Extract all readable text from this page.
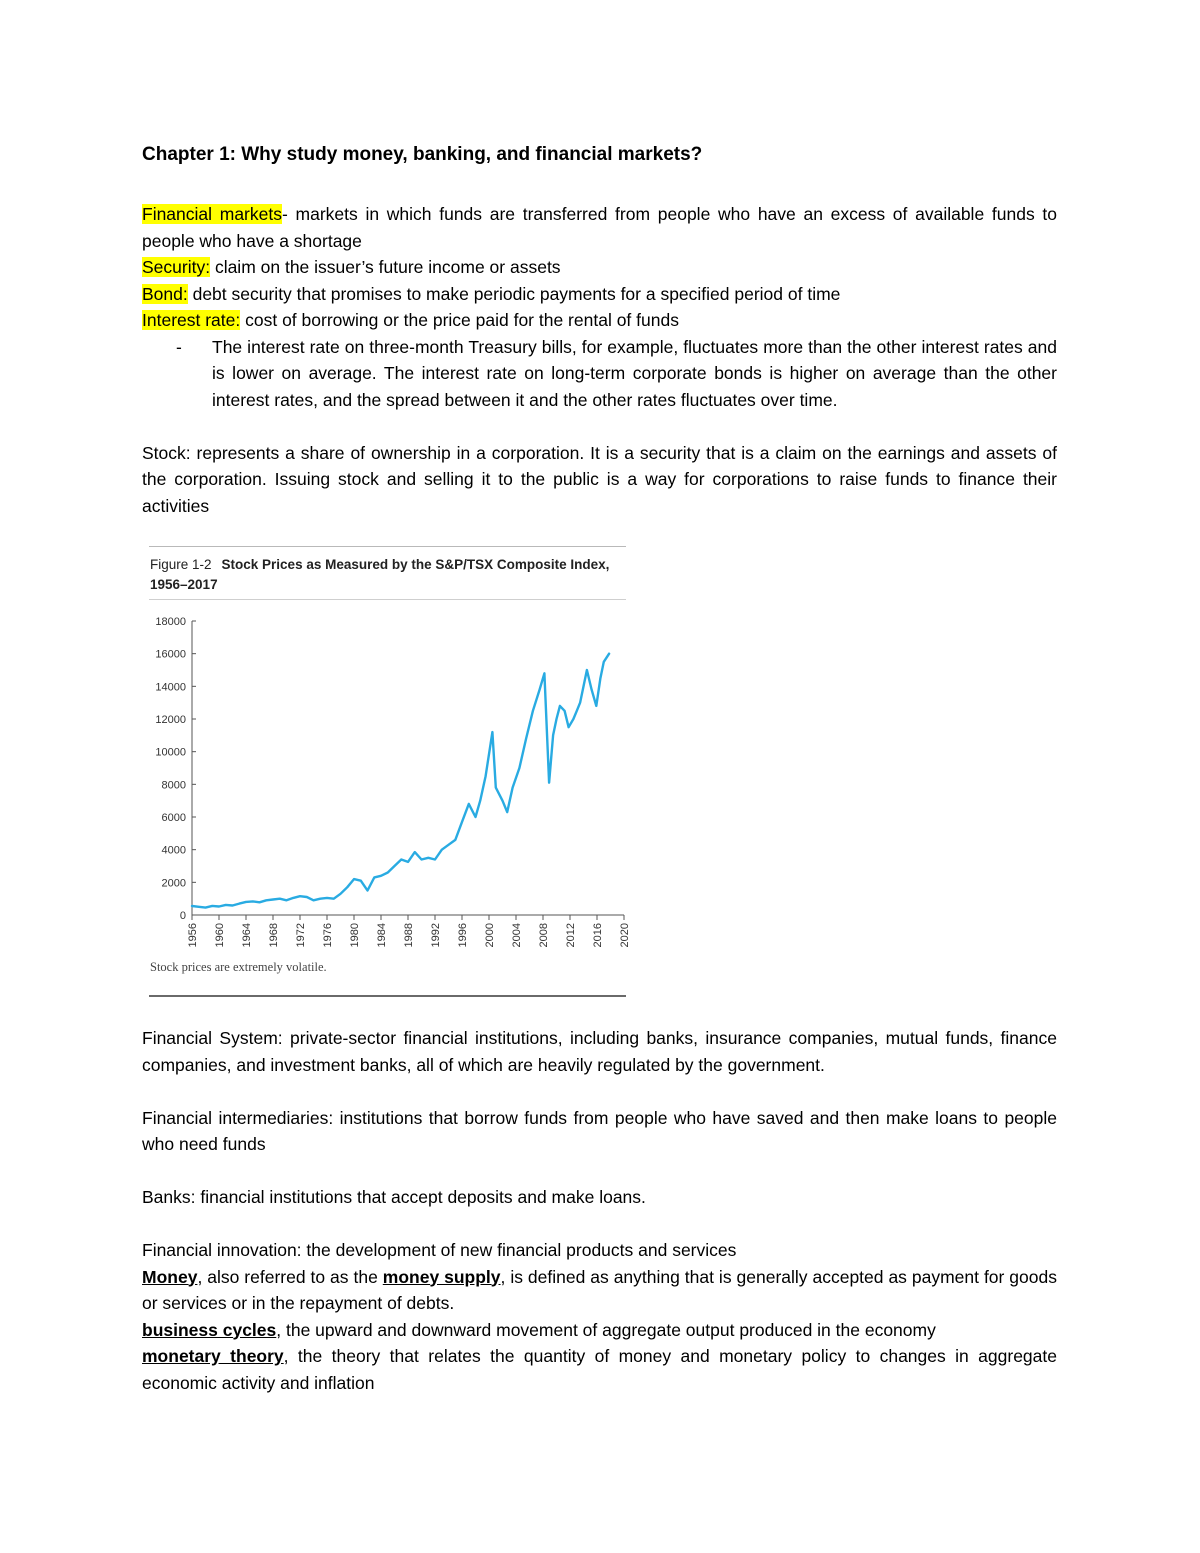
Chapter 1: Why study money, banking, and financial markets?

Financial markets- markets in which funds are transferred from people who have an excess of available funds to people who have a shortage

Security: claim on the issuer’s future income or assets

Bond: debt security that promises to make periodic payments for a specified period of time

Interest rate: cost of borrowing or the price paid for the rental of funds

- The interest rate on three-month Treasury bills, for example, fluctuates more than the other interest rates and is lower on average. The interest rate on long-term corporate bonds is higher on average than the other interest rates, and the spread between it and the other rates fluctuates over time.

Stock: represents a share of ownership in a corporation. It is a security that is a claim on the earnings and assets of the corporation. Issuing stock and selling it to the public is a way for corporations to raise funds to finance their activities

Figure 1-2 Stock Prices as Measured by the S&P/TSX Composite Index, 1956–2017
0
2000
4000
6000
8000
10000
12000
14000
16000
18000
1956 1960 1964 1968 1972 1976 1980 1984 1988 1992 1996 2000 2004 2008 2012 2016 2020
Stock prices are extremely volatile.

Financial System: private-sector financial institutions, including banks, insurance companies, mutual funds, finance companies, and investment banks, all of which are heavily regulated by the government.

Financial intermediaries: institutions that borrow funds from people who have saved and then make loans to people who need funds

Banks: financial institutions that accept deposits and make loans.

Financial innovation: the development of new financial products and services

Money, also referred to as the money supply, is defined as anything that is generally accepted as payment for goods or services or in the repayment of debts.

business cycles, the upward and downward movement of aggregate output produced in the economy

monetary theory, the theory that relates the quantity of money and monetary policy to changes in aggregate economic activity and inflation
